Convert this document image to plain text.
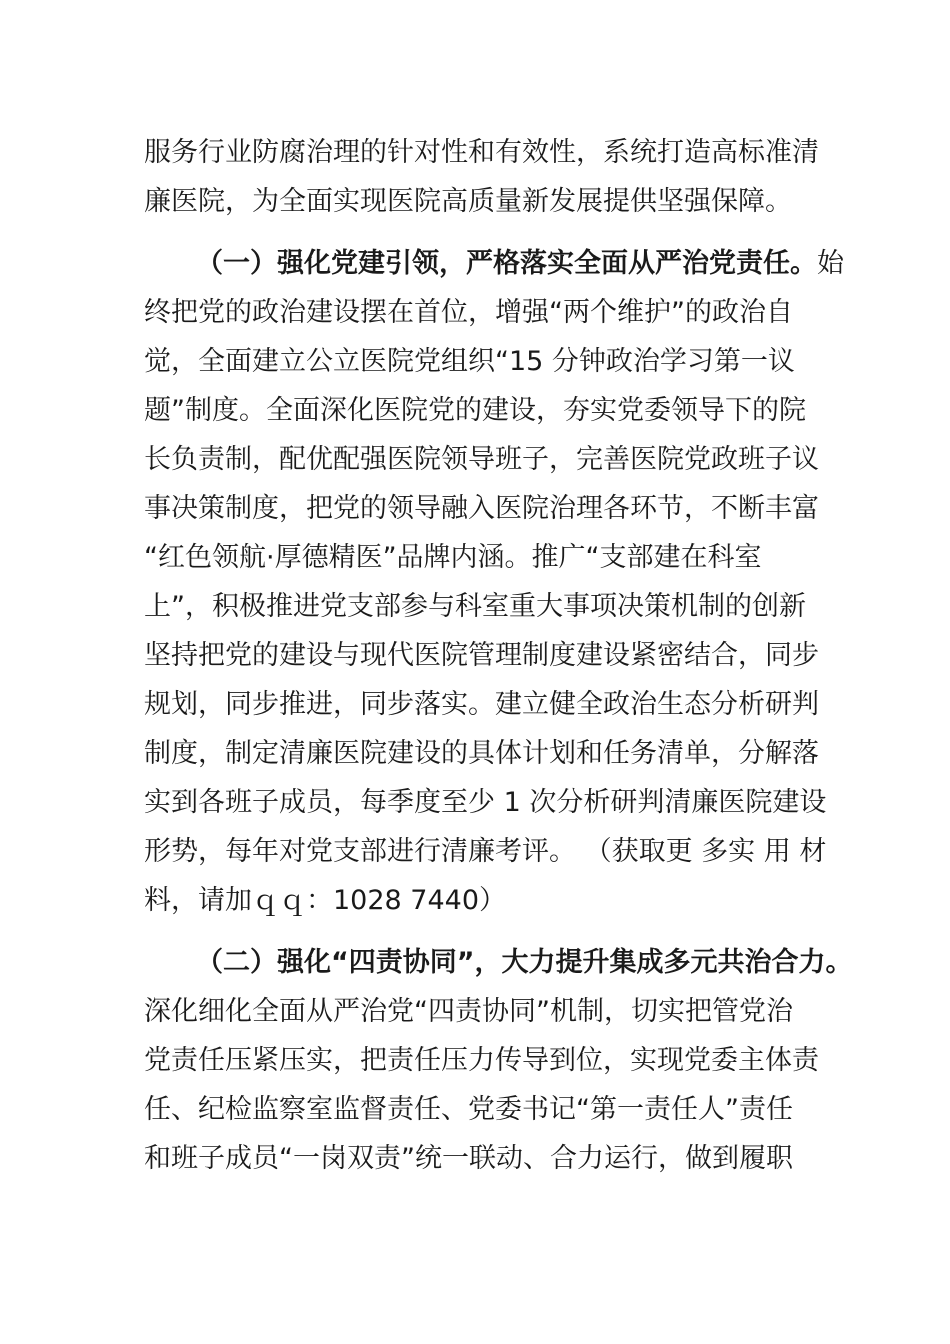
服务行业防腐治理的针对性和有效性，系统打造高标准清
廉医院，为全面实现医院高质量新发展提供坚强保障。
（一）强化党建引领，严格落实全面从严治党责任。始
终把党的政治建设摆在首位，增强“两个维护”的政治自
觉，全面建立公立医院党组织“15 分钟政治学习第一议
题”制度。全面深化医院党的建设，夯实党委领导下的院
长负责制，配优配强医院领导班子，完善医院党政班子议
事决策制度，把党的领导融入医院治理各环节，不断丰富
“红色领航·厚德精医”品牌内涵。推广“支部建在科室
上”，积极推进党支部参与科室重大事项决策机制的创新
坚持把党的建设与现代医院管理制度建设紧密结合，同步
规划，同步推进，同步落实。建立健全政治生态分析研判
制度，制定清廉医院建设的具体计划和任务清单，分解落
实到各班子成员，每季度至少 1 次分析研判清廉医院建设
形势，每年对党支部进行清廉考评。 （获取更 多实 用 材
料，请加ｑｑ：1028 7440）
（二）强化“四责协同”，大力提升集成多元共治合力。
深化细化全面从严治党“四责协同”机制，切实把管党治
党责任压紧压实，把责任压力传导到位，实现党委主体责
任、纪检监察室监督责任、党委书记“第一责任人”责任
和班子成员“一岗双责”统一联动、合力运行，做到履职
